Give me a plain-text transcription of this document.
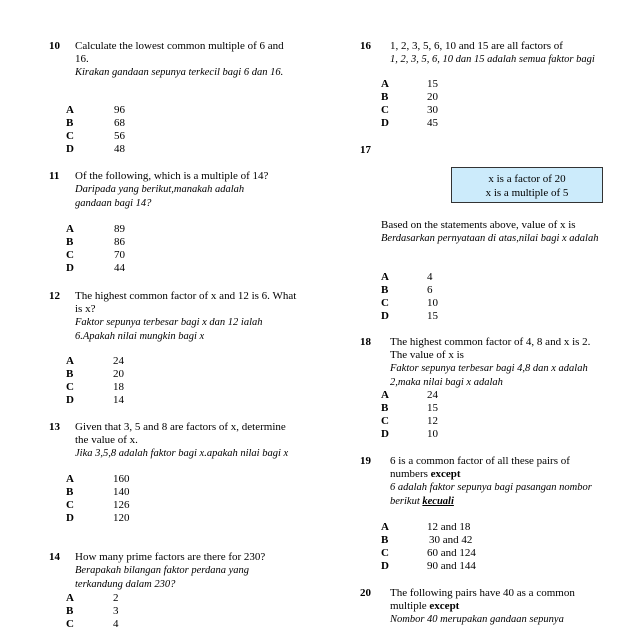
10 Calculate the lowest common multiple of 6 and 16.
Kirakan gandaan sepunya terkecil bagi 6 dan 16.
A	96
B	68
C	56
D	48
11 Of the following, which is a multiple of 14?
Daripada yang berikut,manakah adalah gandaan bagi 14?
A	89
B	86
C	70
D	44
12 The highest common factor of x and 12 is 6. What is x?
Faktor sepunya terbesar bagi x dan 12 ialah 6.Apakah nilai mungkin bagi x
A	24
B	20
C	18
D	14
13 Given that 3, 5 and 8 are factors of x, determine the value of x.
Jika 3,5,8 adalah faktor bagi x.apakah nilai bagi x
A	160
B	140
C	126
D	120
14 How many prime factors are there for 230?
Berapakah bilangan faktor perdana yang terkandung dalam 230?
A	2
B	3
C	4
16 1, 2, 3, 5, 6, 10 and 15 are all factors of
1, 2, 3, 5, 6, 10 dan 15 adalah semua faktor bagi
A	15
B	20
C	30
D	45
17
x is a factor of 20
x is a multiple of 5
Based on the statements above, value of x is
Berdasarkan pernyataan di atas,nilai bagi x adalah
A	4
B	6
C	10
D	15
18 The highest common factor of 4, 8 and x is 2. The value of x is
Faktor sepunya terbesar bagi 4,8 dan x adalah 2,maka nilai bagi x adalah
A	24
B	15
C	12
D	10
19 6 is a common factor of all these pairs of numbers except
6 adalah faktor sepunya bagi pasangan nombor berikut kecuali
A	12 and 18
B	30 and 42
C	60 and 124
D	90 and 144
20 The following pairs have 40 as a common multiple except
Nombor 40 merupakan gandaan sepunya
